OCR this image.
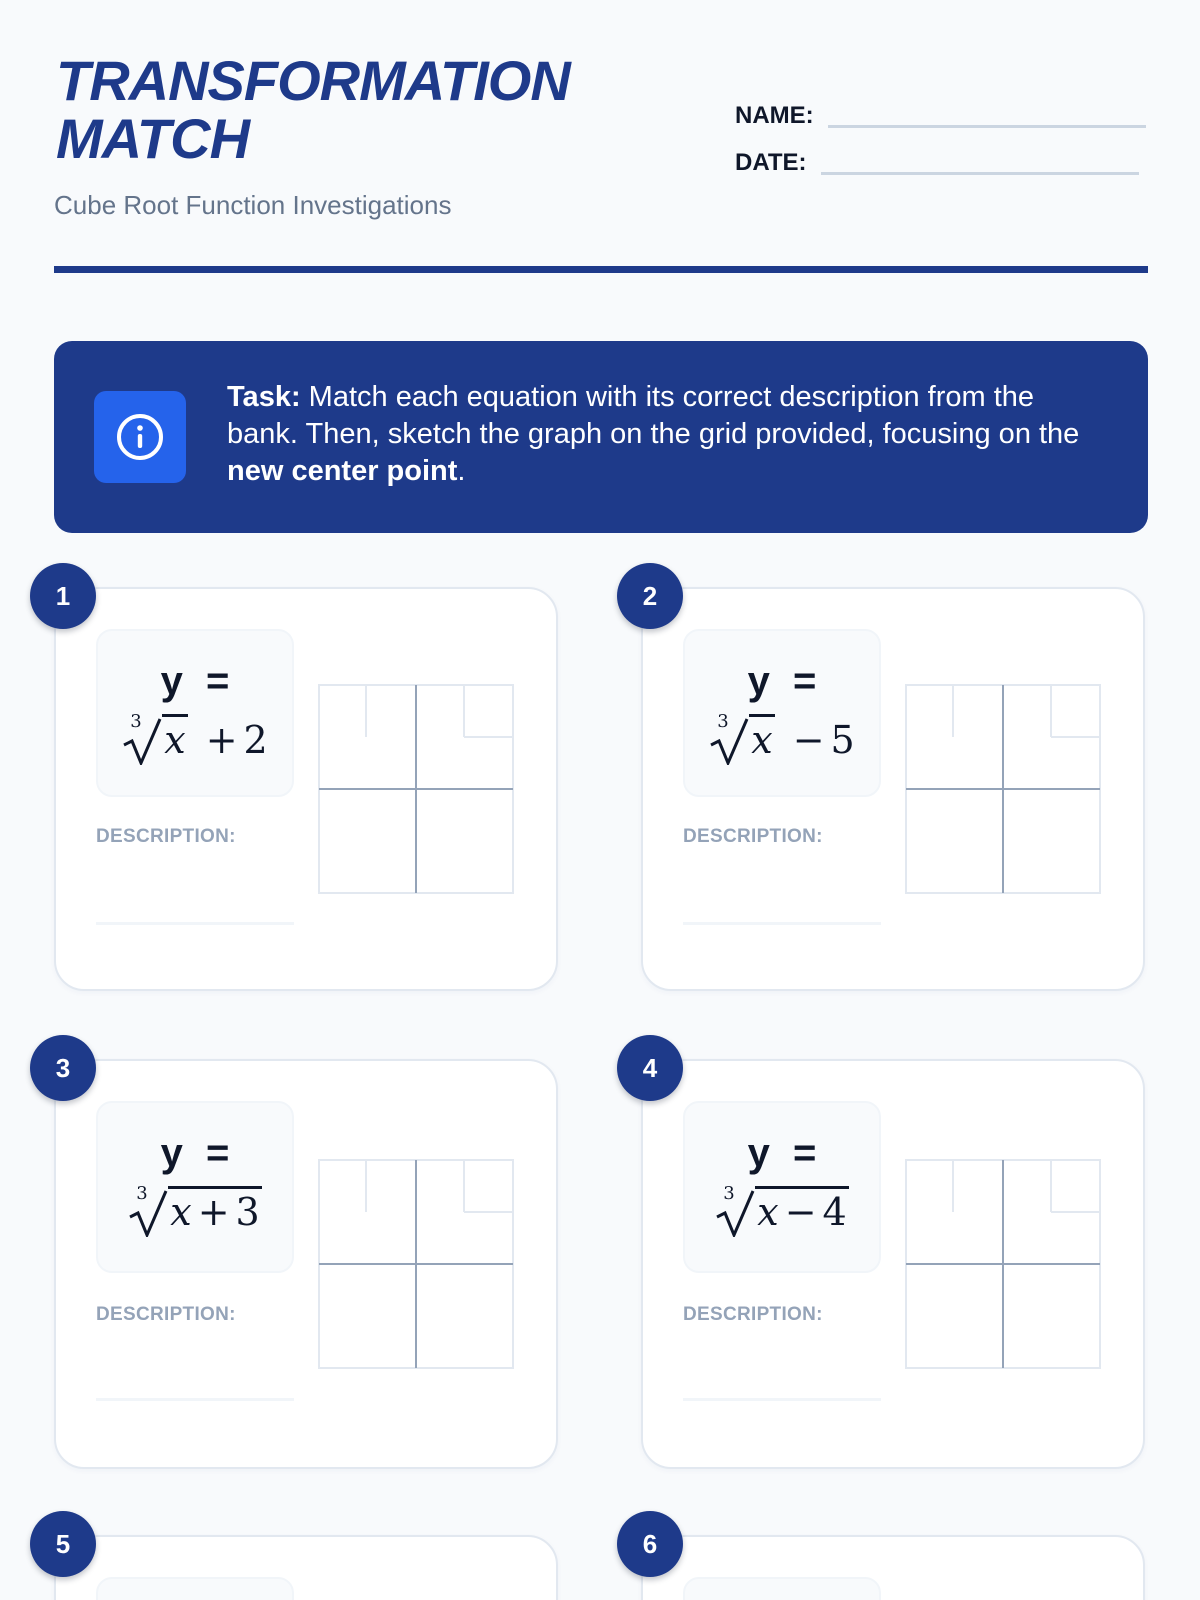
TRANSFORMATION
MATCH
Cube Root Function Investigations
NAME:
DATE:
Task: Match each equation with its correct description from the bank. Then, sketch the graph on the grid provided, focusing on the new center point.
y =
3 x + 2
DESCRIPTION:
1
y =
3 x − 5
DESCRIPTION:
2
y =
3 x + 3
DESCRIPTION:
3
y =
3 x − 4
DESCRIPTION:
4
5	6
